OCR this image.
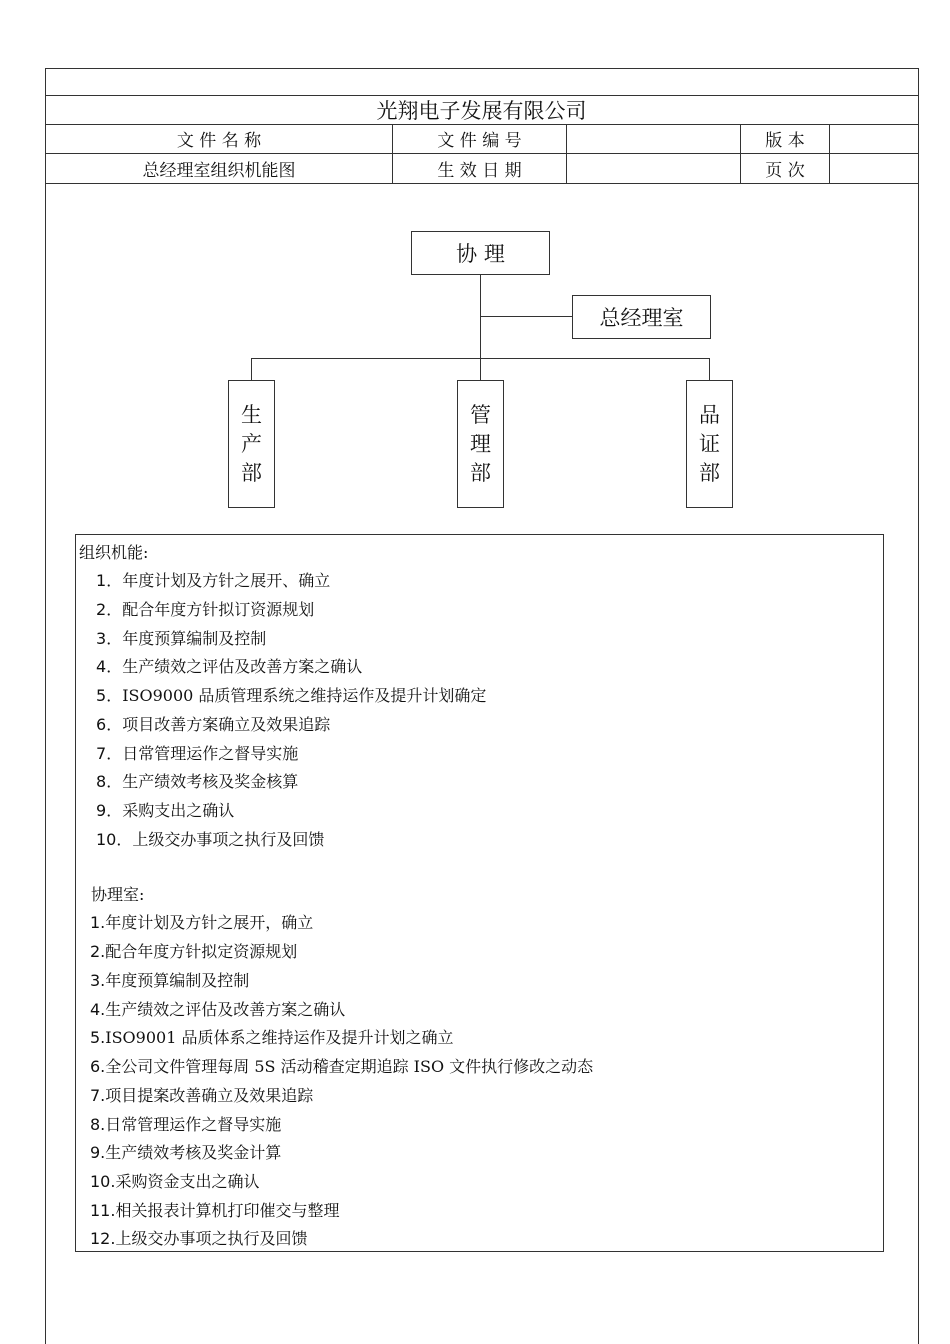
光翔电子发展有限公司
文 件 名 称	文 件 编 号	版 本
总经理室组织机能图	生 效 日 期	页 次
协 理
总经理室
生产部
管理部
品证部
组织机能:
1．年度计划及方针之展开、确立
2．配合年度方针拟订资源规划
3．年度预算编制及控制
4．生产绩效之评估及改善方案之确认
5．ISO9000 品质管理系统之维持运作及提升计划确定
6．项目改善方案确立及效果追踪
7．日常管理运作之督导实施
8．生产绩效考核及奖金核算
9．采购支出之确认
10．上级交办事项之执行及回馈
协理室:
1.年度计划及方针之展开，确立
2.配合年度方针拟定资源规划
3.年度预算编制及控制
4.生产绩效之评估及改善方案之确认
5.ISO9001 品质体系之维持运作及提升计划之确立
6.全公司文件管理每周 5S 活动稽查定期追踪 ISO 文件执行修改之动态
7.项目提案改善确立及效果追踪
8.日常管理运作之督导实施
9.生产绩效考核及奖金计算
10.采购资金支出之确认
11.相关报表计算机打印催交与整理
12.上级交办事项之执行及回馈
